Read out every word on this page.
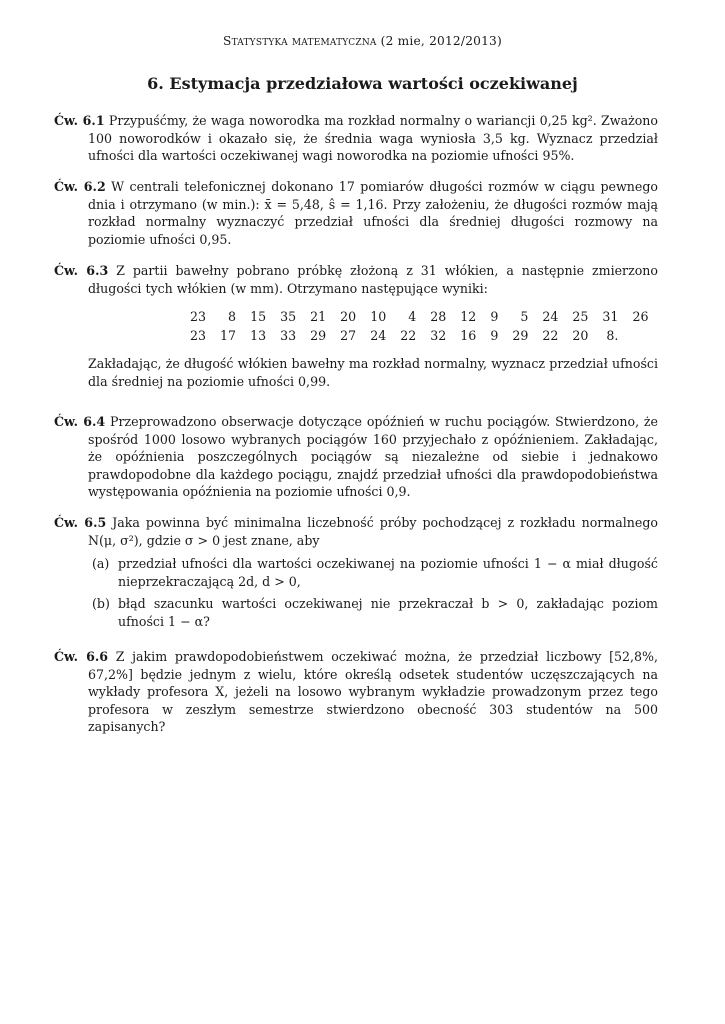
Statystyka matematyczna (2 mie, 2012/2013)
6. Estymacja przedziałowa wartości oczekiwanej
Ćw. 6.1 Przypuśćmy, że waga noworodka ma rozkład normalny o wariancji 0,25 kg². Zważono 100 noworodków i okazało się, że średnia waga wyniosła 3,5 kg. Wyznacz przedział ufności dla wartości oczekiwanej wagi noworodka na poziomie ufności 95%.
Ćw. 6.2 W centrali telefonicznej dokonano 17 pomiarów długości rozmów w ciągu pewnego dnia i otrzymano (w min.): x̄ = 5,48, ŝ = 1,16. Przy założeniu, że długości rozmów mają rozkład normalny wyznaczyć przedział ufności dla średniej długości rozmowy na poziomie ufności 0,95.
Ćw. 6.3 Z partii bawełny pobrano próbkę złożoną z 31 włókien, a następnie zmierzono długości tych włókien (w mm). Otrzymano następujące wyniki:
23	8	15	35	21	20	10	4	28	12	9	5	24	25	31	26
23	17	13	33	29	27	24	22	32	16	9	29	22	20	8.	
Zakładając, że długość włókien bawełny ma rozkład normalny, wyznacz przedział ufności dla średniej na poziomie ufności 0,99.
Ćw. 6.4 Przeprowadzono obserwacje dotyczące opóźnień w ruchu pociągów. Stwierdzono, że spośród 1000 losowo wybranych pociągów 160 przyjechało z opóźnieniem. Zakładając, że opóźnienia poszczególnych pociągów są niezależne od siebie i jednakowo prawdopodobne dla każdego pociągu, znajdź przedział ufności dla prawdopodobieństwa występowania opóźnienia na poziomie ufności 0,9.
Ćw. 6.5 Jaka powinna być minimalna liczebność próby pochodzącej z rozkładu normalnego N(μ, σ²), gdzie σ > 0 jest znane, aby
(a) przedział ufności dla wartości oczekiwanej na poziomie ufności 1 − α miał długość nieprzekraczającą 2d, d > 0,
(b) błąd szacunku wartości oczekiwanej nie przekraczał b > 0, zakładając poziom ufności 1 − α?
Ćw. 6.6 Z jakim prawdopodobieństwem oczekiwać można, że przedział liczbowy [52,8%, 67,2%] będzie jednym z wielu, które określą odsetek studentów uczęszczających na wykłady profesora X, jeżeli na losowo wybranym wykładzie prowadzonym przez tego profesora w zeszłym semestrze stwierdzono obecność 303 studentów na 500 zapisanych?
